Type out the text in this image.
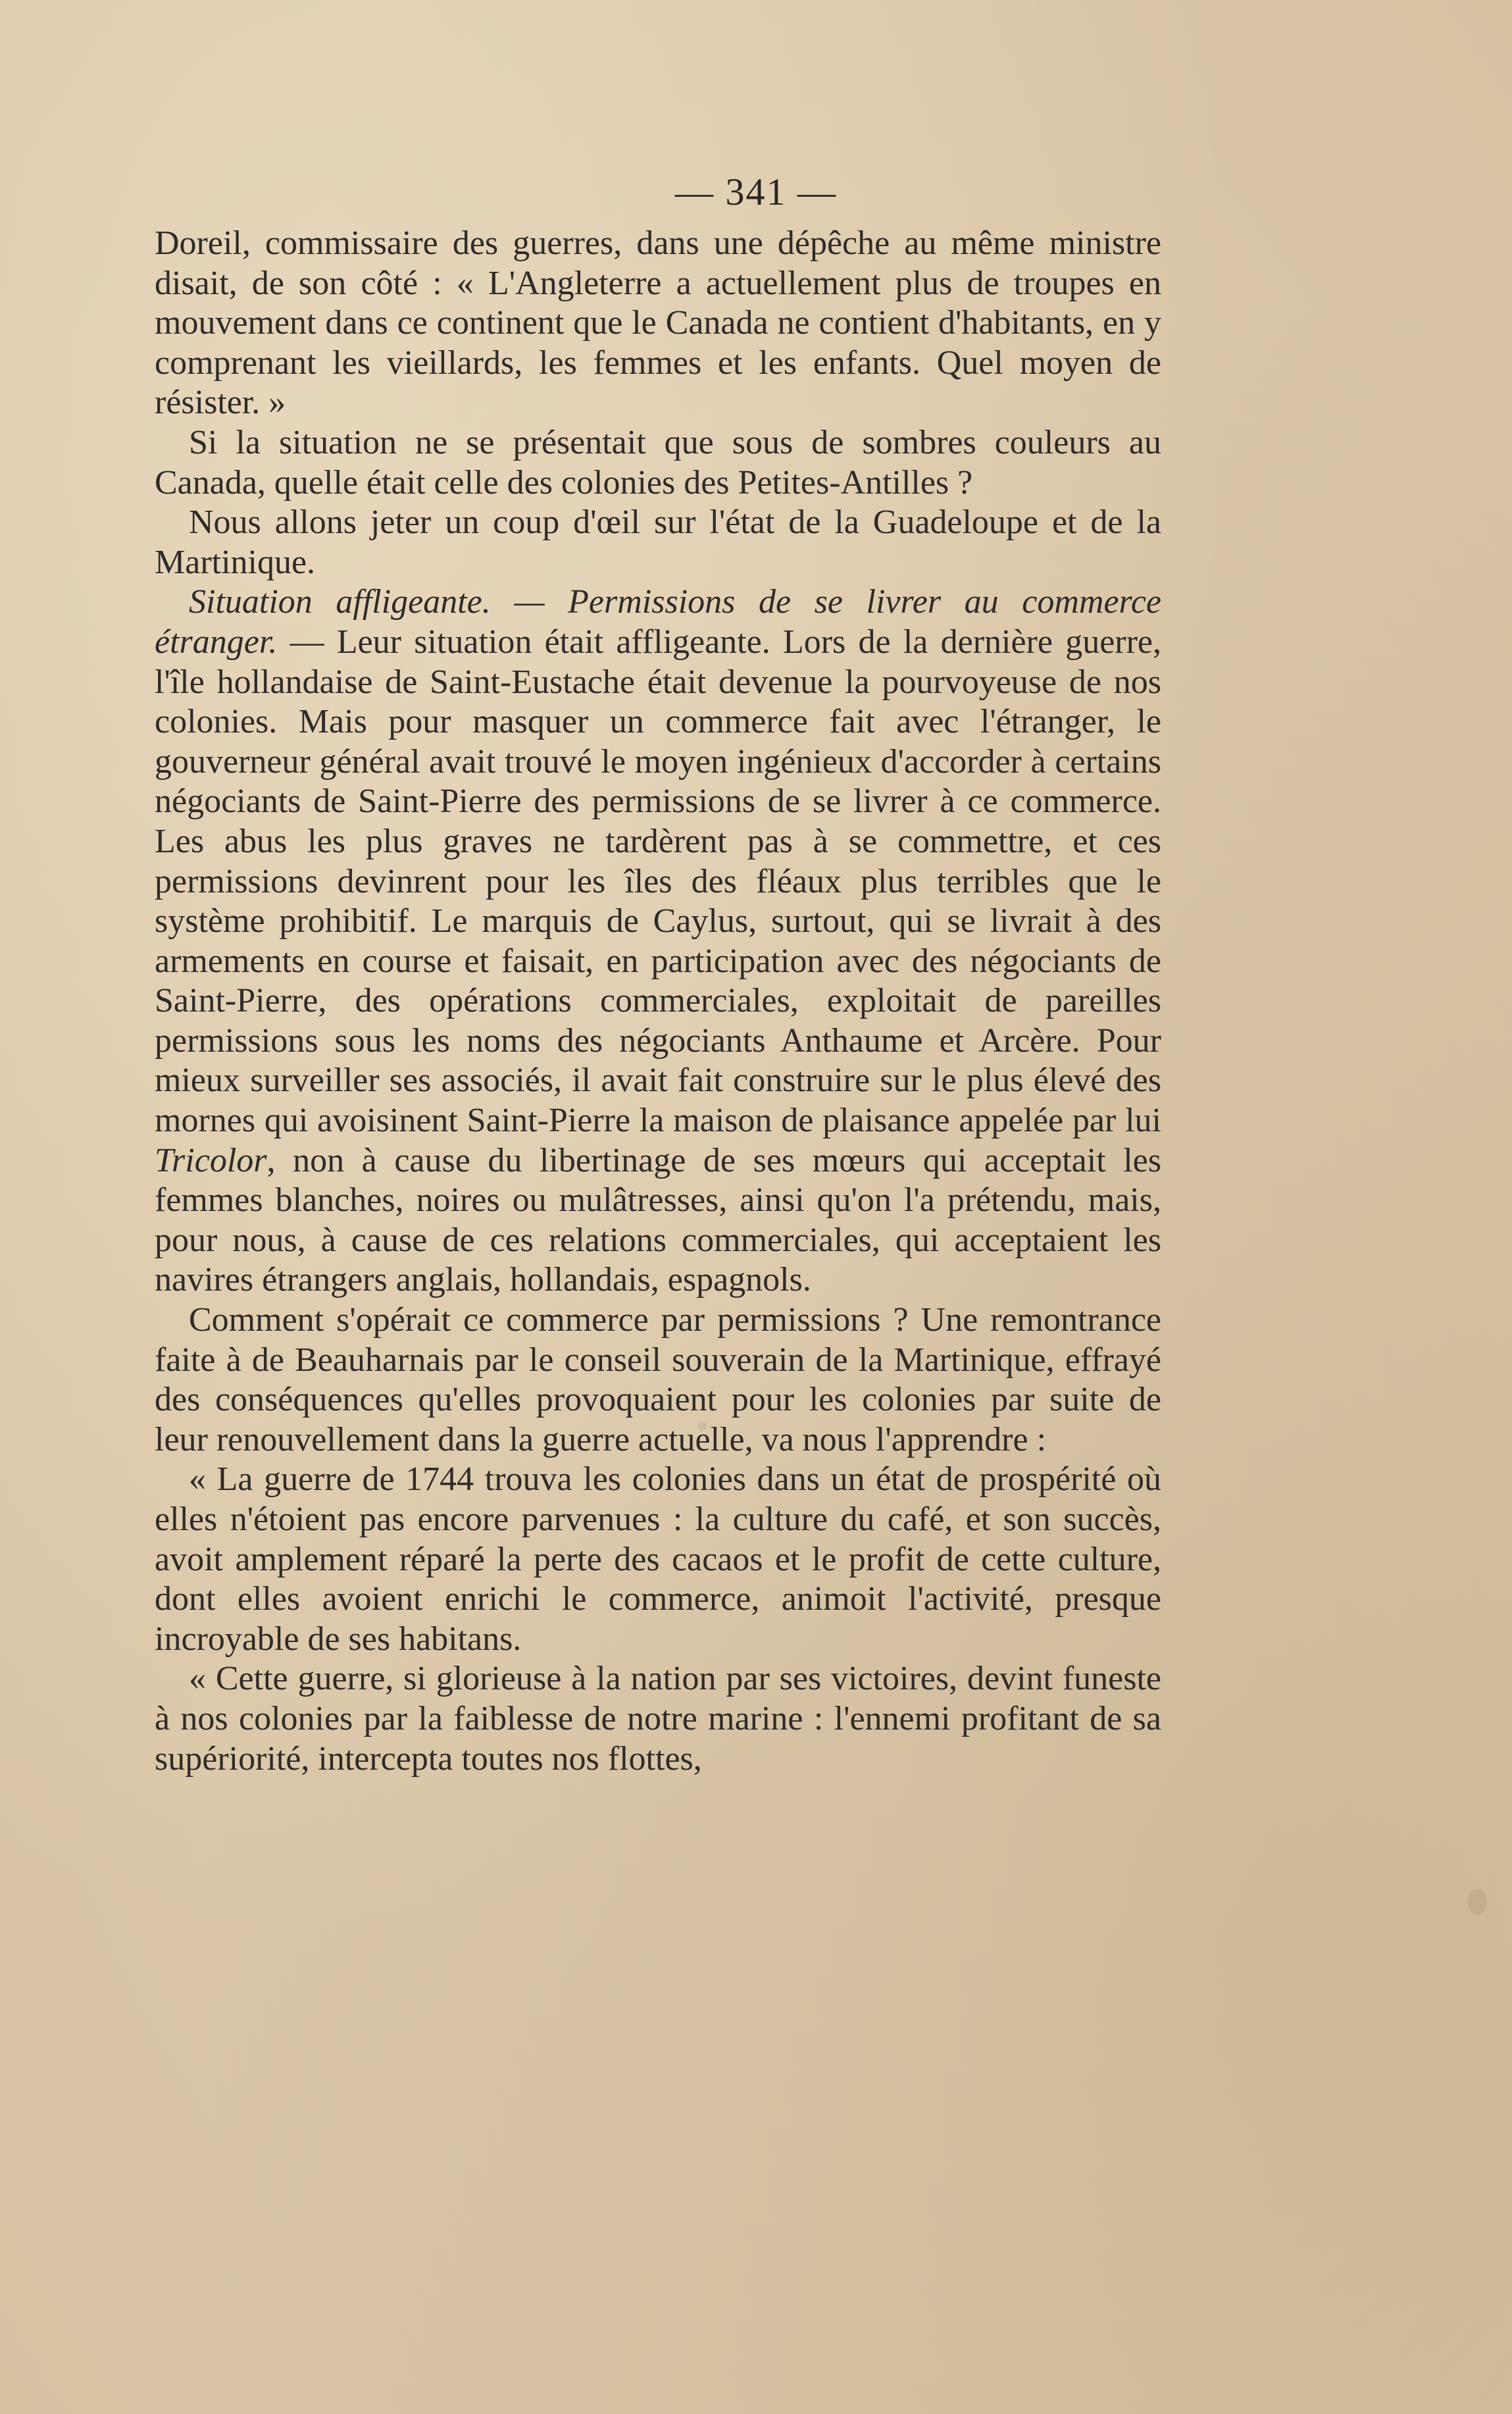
— 341 —

Doreil, commissaire des guerres, dans une dépêche au même ministre disait, de son côté : « L'Angleterre a actuellement plus de troupes en mouvement dans ce continent que le Canada ne contient d'habitants, en y comprenant les vieillards, les femmes et les enfants. Quel moyen de résister. »

Si la situation ne se présentait que sous de sombres couleurs au Canada, quelle était celle des colonies des Petites-Antilles ?

Nous allons jeter un coup d'œil sur l'état de la Guadeloupe et de la Martinique.

Situation affligeante. — Permissions de se livrer au commerce étranger. — Leur situation était affligeante. Lors de la dernière guerre, l'île hollandaise de Saint-Eustache était devenue la pourvoyeuse de nos colonies. Mais pour masquer un commerce fait avec l'étranger, le gouverneur général avait trouvé le moyen ingénieux d'accorder à certains négociants de Saint-Pierre des permissions de se livrer à ce commerce. Les abus les plus graves ne tardèrent pas à se commettre, et ces permissions devinrent pour les îles des fléaux plus terribles que le système prohibitif. Le marquis de Caylus, surtout, qui se livrait à des armements en course et faisait, en participation avec des négociants de Saint-Pierre, des opérations commerciales, exploitait de pareilles permissions sous les noms des négociants Anthaume et Arcère. Pour mieux surveiller ses associés, il avait fait construire sur le plus élevé des mornes qui avoisinent Saint-Pierre la maison de plaisance appelée par lui Tricolor, non à cause du libertinage de ses mœurs qui acceptait les femmes blanches, noires ou mulâtresses, ainsi qu'on l'a prétendu, mais, pour nous, à cause de ces relations commerciales, qui acceptaient les navires étrangers anglais, hollandais, espagnols.

Comment s'opérait ce commerce par permissions ? Une remontrance faite à de Beauharnais par le conseil souverain de la Martinique, effrayé des conséquences qu'elles provoquaient pour les colonies par suite de leur renouvellement dans la guerre actuelle, va nous l'apprendre :

« La guerre de 1744 trouva les colonies dans un état de prospérité où elles n'étoient pas encore parvenues : la culture du café, et son succès, avoit amplement réparé la perte des cacaos et le profit de cette culture, dont elles avoient enrichi le commerce, animoit l'activité, presque incroyable de ses habitans.

« Cette guerre, si glorieuse à la nation par ses victoires, devint funeste à nos colonies par la faiblesse de notre marine : l'ennemi profitant de sa supériorité, intercepta toutes nos flottes,
